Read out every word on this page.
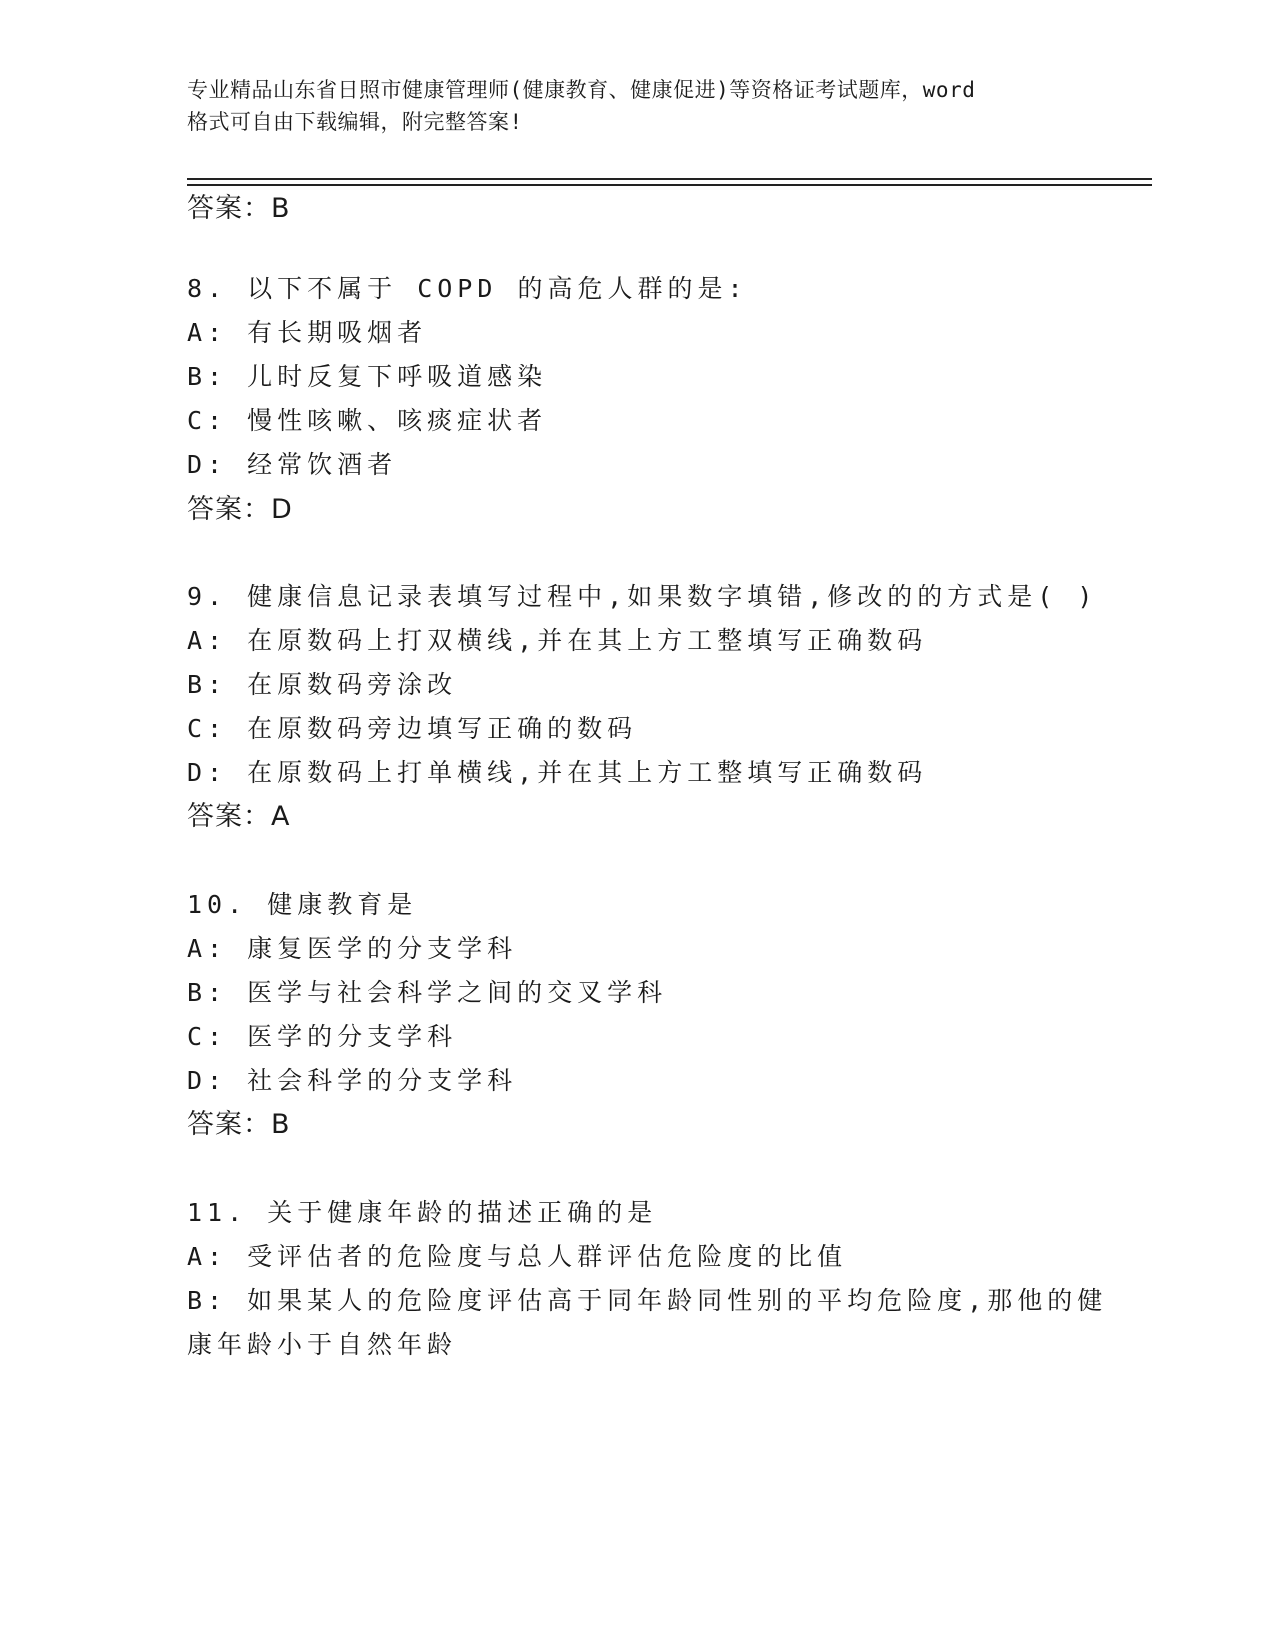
专业精品山东省日照市健康管理师(健康教育、健康促进)等资格证考试题库，word

格式可自由下载编辑，附完整答案!

答案：B
8. 以下不属于 COPD 的高危人群的是:
A: 有长期吸烟者
B: 儿时反复下呼吸道感染
C: 慢性咳嗽、咳痰症状者
D: 经常饮酒者
答案：D
9. 健康信息记录表填写过程中,如果数字填错,修改的的方式是( )
A: 在原数码上打双横线,并在其上方工整填写正确数码
B: 在原数码旁涂改
C: 在原数码旁边填写正确的数码
D: 在原数码上打单横线,并在其上方工整填写正确数码
答案：A
10. 健康教育是
A: 康复医学的分支学科
B: 医学与社会科学之间的交叉学科
C: 医学的分支学科
D: 社会科学的分支学科
答案：B
11. 关于健康年龄的描述正确的是
A: 受评估者的危险度与总人群评估危险度的比值
B: 如果某人的危险度评估高于同年龄同性别的平均危险度,那他的健
康年龄小于自然年龄
